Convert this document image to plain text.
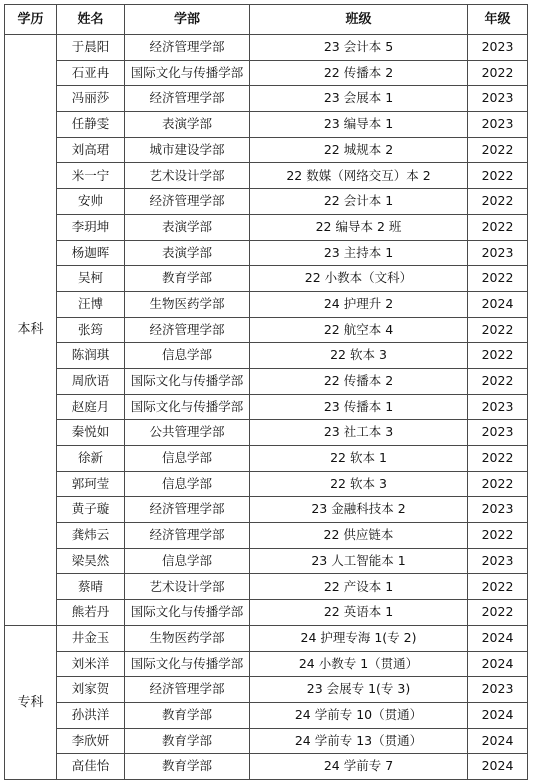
学历	姓名	学部	班级	年级
本科	于晨阳	经济管理学部	23 会计本 5	2023
	石亚冉	国际文化与传播学部	22 传播本 2	2022
	冯丽莎	经济管理学部	23 会展本 1	2023
	任静雯	表演学部	23 编导本 1	2023
	刘高珺	城市建设学部	22 城规本 2	2022
	米一宁	艺术设计学部	22 数媒（网络交互）本 2	2022
	安帅	经济管理学部	22 会计本 1	2022
	李玥坤	表演学部	22 编导本 2 班	2022
	杨迦晖	表演学部	23 主持本 1	2023
	吴柯	教育学部	22 小教本（文科）	2022
	汪博	生物医药学部	24 护理升 2	2024
	张筠	经济管理学部	22 航空本 4	2022
	陈润琪	信息学部	22 软本 3	2022
	周欣语	国际文化与传播学部	22 传播本 2	2022
	赵庭月	国际文化与传播学部	23 传播本 1	2023
	秦悦如	公共管理学部	23 社工本 3	2023
	徐新	信息学部	22 软本 1	2022
	郭珂莹	信息学部	22 软本 3	2022
	黄子璇	经济管理学部	23 金融科技本 2	2023
	龚炜云	经济管理学部	22 供应链本	2022
	梁昊然	信息学部	23 人工智能本 1	2023
	蔡晴	艺术设计学部	22 产设本 1	2022
	熊若丹	国际文化与传播学部	22 英语本 1	2022
专科	井金玉	生物医药学部	24 护理专海 1(专 2)	2024
	刘米洋	国际文化与传播学部	24 小教专 1（贯通）	2024
	刘家贺	经济管理学部	23 会展专 1(专 3)	2023
	孙洪洋	教育学部	24 学前专 10（贯通）	2024
	李欣妍	教育学部	24 学前专 13（贯通）	2024
	高佳怡	教育学部	24 学前专 7	2024
